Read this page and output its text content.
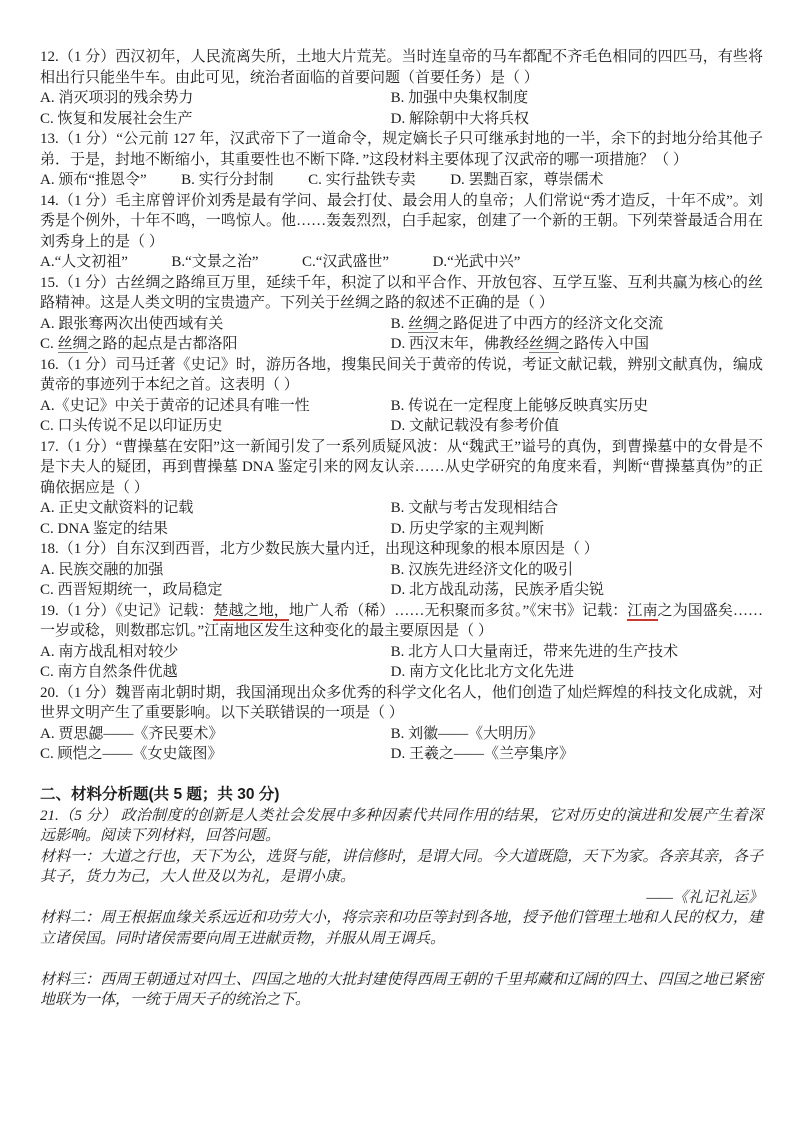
12.（1 分）西汉初年，人民流离失所，土地大片荒芜。当时连皇帝的马车都配不齐毛色相同的四匹马，有些将相出行只能坐牛车。由此可见，统治者面临的首要问题（首要任务）是（ ）

A. 消灭项羽的残余势力	B. 加强中央集权制度
C. 恢复和发展社会生产	D. 解除朝中大将兵权

13.（1 分）“公元前 127 年，汉武帝下了一道命令，规定嫡长子只可继承封地的一半，余下的封地分给其他子弟．于是，封地不断缩小，其重要性也不断下降．”这段材料主要体现了汉武帝的哪一项措施？（ ）

A. 颁布“推恩令” B. 实行分封制 C. 实行盐铁专卖 D. 罢黜百家，尊崇儒术

14.（1 分）毛主席曾评价刘秀是最有学问、最会打仗、最会用人的皇帝；人们常说“秀才造反，十年不成”。刘秀是个例外，十年不鸣，一鸣惊人。他……轰轰烈烈，白手起家，创建了一个新的王朝。下列荣誉最适合用在刘秀身上的是（ ）

A.“人文初祖”	B.“文景之治”	C.“汉武盛世”	D.“光武中兴”

15.（1 分）古丝绸之路绵亘万里，延续千年，积淀了以和平合作、开放包容、互学互鉴、互利共赢为核心的丝路精神。这是人类文明的宝贵遗产。下列关于丝绸之路的叙述不正确的是（ ）

A. 跟张骞两次出使西域有关	B. 丝绸之路促进了中西方的经济文化交流
C. 丝绸之路的起点是古都洛阳	D. 西汉末年，佛教经丝绸之路传入中国

16.（1 分）司马迁著《史记》时，游历各地，搜集民间关于黄帝的传说，考证文献记载，辨别文献真伪，编成黄帝的事迹列于本纪之首。这表明（ ）

A.《史记》中关于黄帝的记述具有唯一性	B. 传说在一定程度上能够反映真实历史
C. 口头传说不足以印证历史	D. 文献记载没有参考价值

17.（1 分）“曹操墓在安阳”这一新闻引发了一系列质疑风波：从“魏武王”谥号的真伪，到曹操墓中的女骨是不是卞夫人的疑团，再到曹操墓 DNA 鉴定引来的网友认亲……从史学研究的角度来看，判断“曹操墓真伪”的正确依据应是（ ）

A. 正史文献资料的记载	B. 文献与考古发现相结合
C. DNA 鉴定的结果	D. 历史学家的主观判断

18.（1 分）自东汉到西晋，北方少数民族大量内迁，出现这种现象的根本原因是（ ）

A. 民族交融的加强	B. 汉族先进经济文化的吸引
C. 西晋短期统一，政局稳定	D. 北方战乱动荡，民族矛盾尖锐

19.（1 分）《史记》记载：楚越之地，地广人希（稀）……无积聚而多贫。”《宋书》记载：江南之为国盛矣……一岁或稔，则数郡忘饥。”江南地区发生这种变化的最主要原因是（ ）

A. 南方战乱相对较少	B. 北方人口大量南迁，带来先进的生产技术
C. 南方自然条件优越	D. 南方文化比北方文化先进

20.（1 分）魏晋南北朝时期，我国涌现出众多优秀的科学文化名人，他们创造了灿烂辉煌的科技文化成就，对世界文明产生了重要影响。以下关联错误的一项是（ ）

A. 贾思勰——《齐民要术》	B. 刘徽——《大明历》
C. 顾恺之——《女史箴图》	D. 王羲之——《兰亭集序》

二、材料分析题(共 5 题；共 30 分)

21.（5 分） 政治制度的创新是人类社会发展中多种因素代共同作用的结果，它对历史的演进和发展产生着深远影响。阅读下列材料，回答问题。

材料一：大道之行也，天下为公，选贤与能，讲信修时，是谓大同。今大道既隐，天下为家。各亲其亲，各子其子，货力为己，大人世及以为礼，是谓小康。

——《礼记礼运》

材料二：周王根据血缘关系远近和功劳大小，将宗亲和功臣等封到各地，授予他们管理土地和人民的权力，建立诸侯国。同时诸侯需要向周王进献贡物，并服从周王调兵。

材料三：西周王朝通过对四土、四国之地的大批封建使得西周王朝的千里邦藏和辽阔的四土、四国之地已紧密地联为一体，一统于周天子的统治之下。
